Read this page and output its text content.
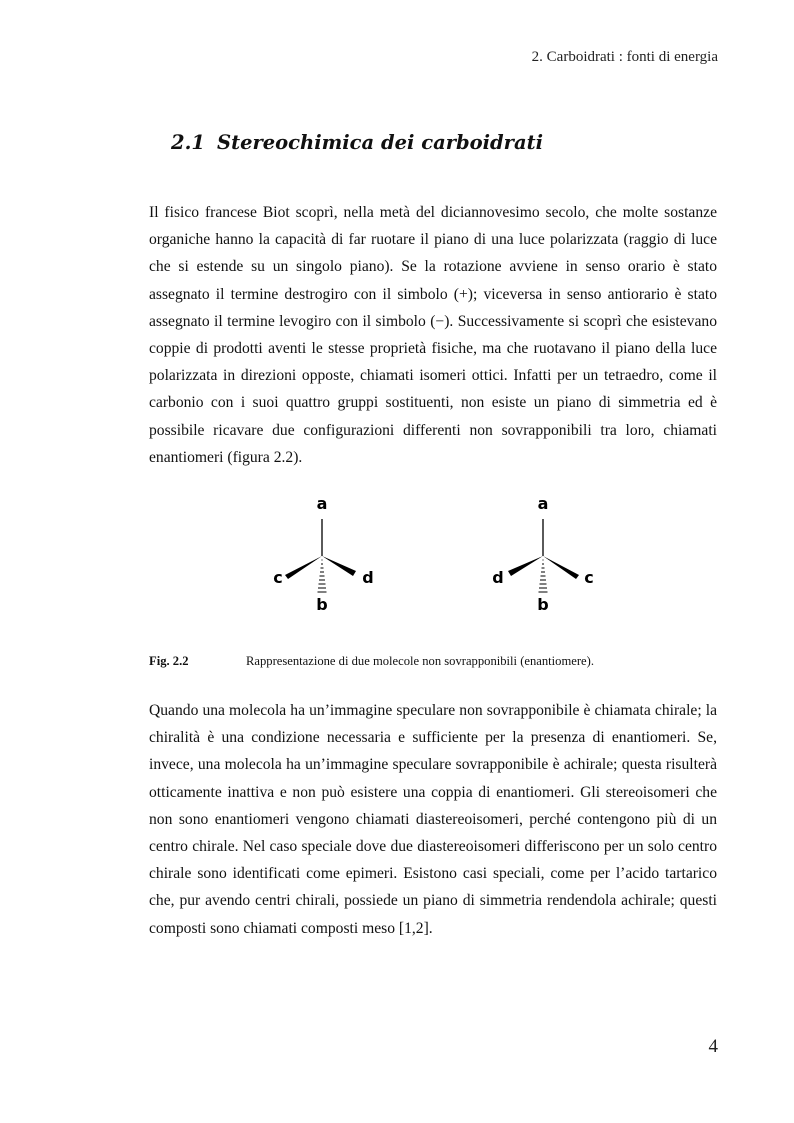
2. Carboidrati : fonti di energia
2.1 Stereochimica dei carboidrati

Il fisico francese Biot scoprì, nella metà del diciannovesimo secolo, che molte sostanze organiche hanno la capacità di far ruotare il piano di una luce polarizzata (raggio di luce che si estende su un singolo piano). Se la rotazione avviene in senso orario è stato assegnato il termine destrogiro con il simbolo (+); viceversa in senso antiorario è stato assegnato il termine levogiro con il simbolo (−). Successivamente si scoprì che esistevano coppie di prodotti aventi le stesse proprietà fisiche, ma che ruotavano il piano della luce polarizzata in direzioni opposte, chiamati isomeri ottici. Infatti per un tetraedro, come il carbonio con i suoi quattro gruppi sostituenti, non esiste un piano di simmetria ed è possibile ricavare due configurazioni differenti non sovrapponibili tra loro, chiamati enantiomeri (figura 2.2).

a
b
c	d
a
b
d	c
Fig. 2.2	Rappresentazione di due molecole non sovrapponibili (enantiomere).

Quando una molecola ha un’immagine speculare non sovrapponibile è chiamata chirale; la chiralità è una condizione necessaria e sufficiente per la presenza di enantiomeri. Se, invece, una molecola ha un’immagine speculare sovrapponibile è achirale; questa risulterà otticamente inattiva e non può esistere una coppia di enantiomeri. Gli stereoisomeri che non sono enantiomeri vengono chiamati diastereoisomeri, perché contengono più di un centro chirale. Nel caso speciale dove due diastereoisomeri differiscono per un solo centro chirale sono identificati come epimeri. Esistono casi speciali, come per l’acido tartarico che, pur avendo centri chirali, possiede un piano di simmetria rendendola achirale; questi composti sono chiamati composti meso [1,2].

4
